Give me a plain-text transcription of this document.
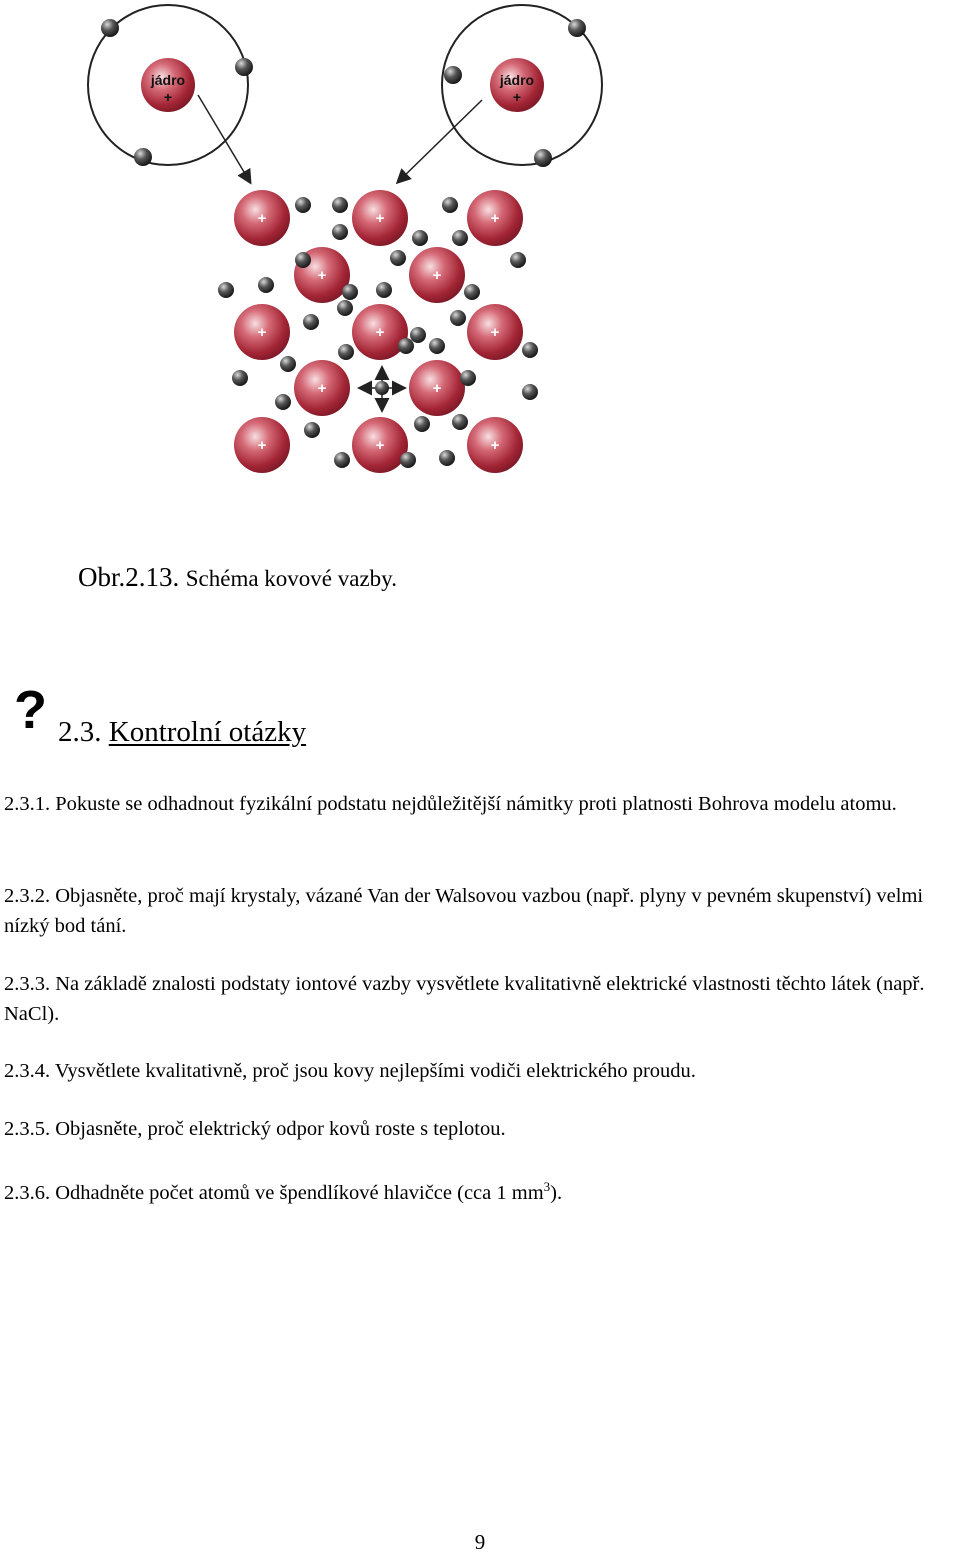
jádro
+
jádro
+
+	+	+
+	+
+	+	+
+	+
+	+	+
Obr.2.13. Schéma kovové vazby.
? 2.3. Kontrolní otázky
2.3.1. Pokuste se odhadnout fyzikální podstatu nejdůležitější námitky proti platnosti Bohrova modelu atomu.
2.3.2. Objasněte, proč mají krystaly, vázané Van der Walsovou vazbou (např. plyny v pevném skupenství) velmi nízký bod tání.
2.3.3. Na základě znalosti podstaty iontové vazby vysvětlete kvalitativně elektrické vlastnosti těchto látek (např. NaCl).
2.3.4. Vysvětlete kvalitativně, proč jsou kovy nejlepšími vodiči elektrického proudu.
2.3.5. Objasněte, proč elektrický odpor kovů roste s teplotou.
2.3.6. Odhadněte počet atomů ve špendlíkové hlavičce (cca 1 $mm^3$).
9
